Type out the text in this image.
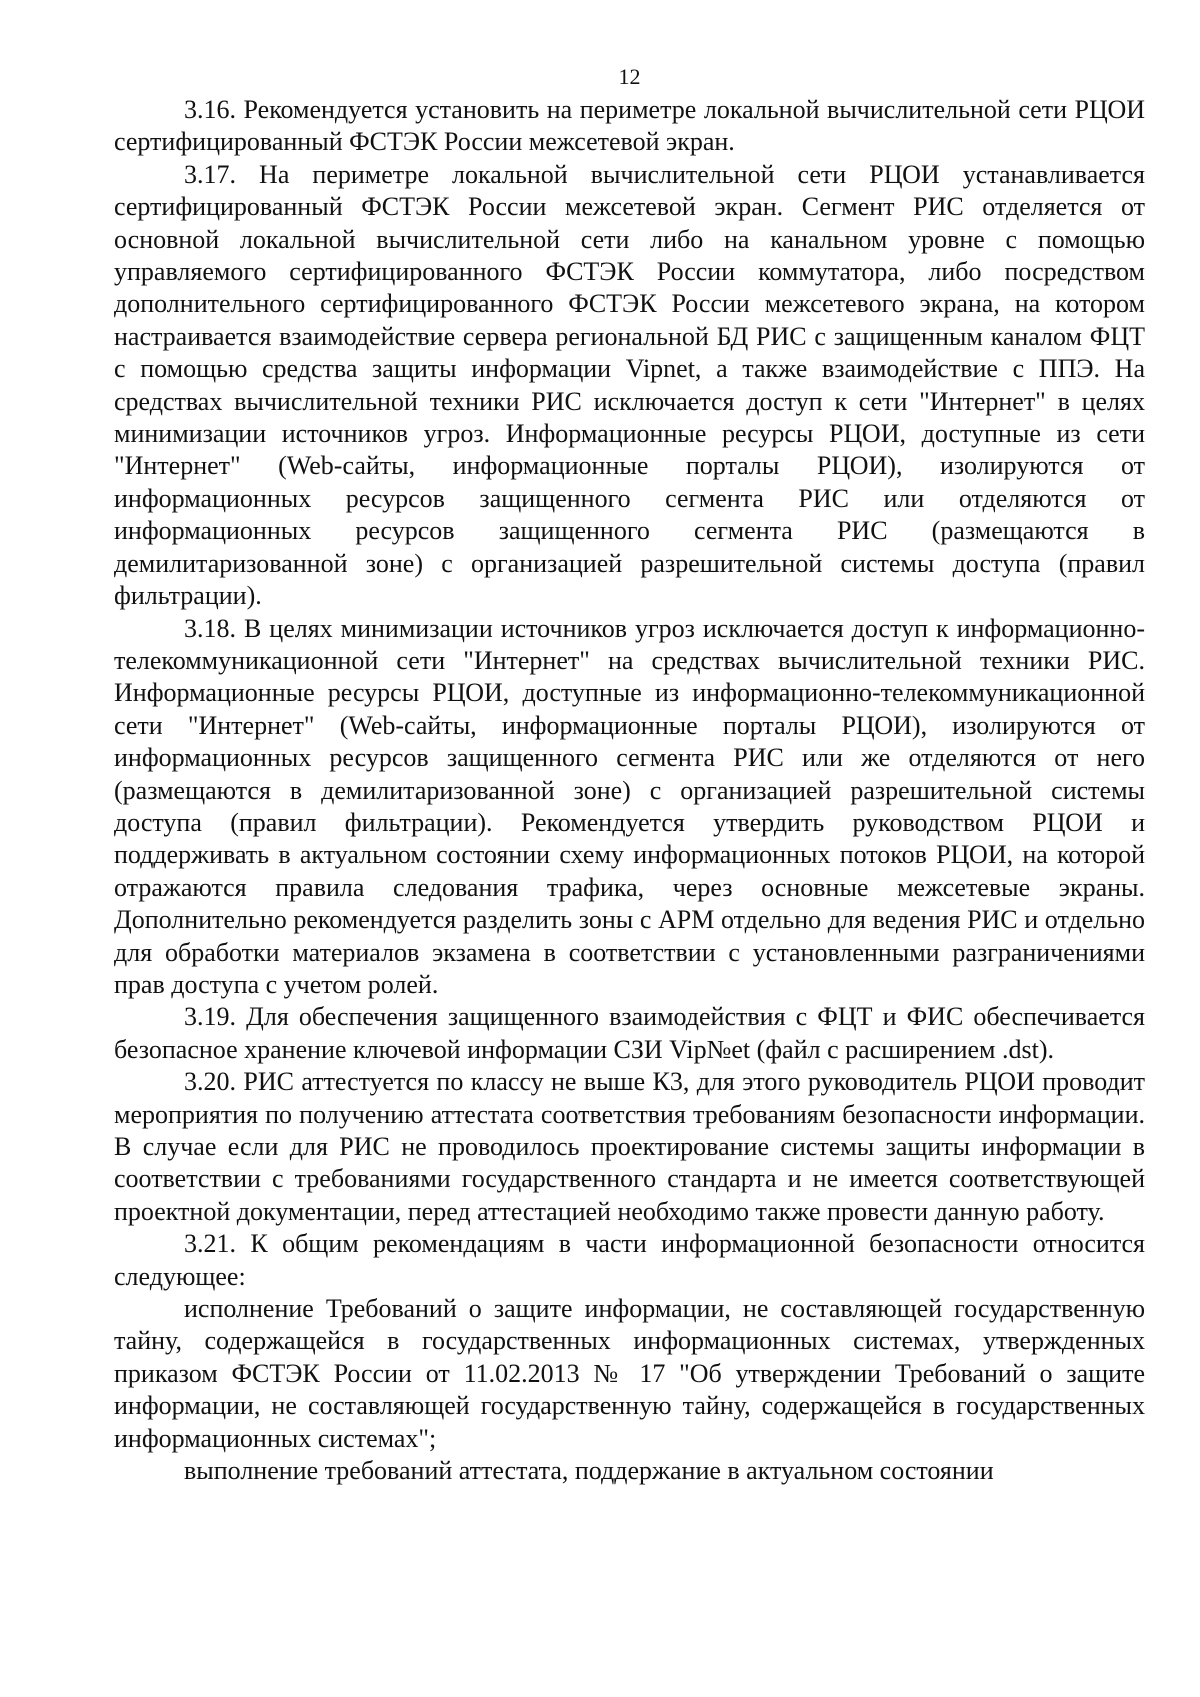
12

3.16. Рекомендуется установить на периметре локальной вычислительной сети РЦОИ сертифицированный ФСТЭК России межсетевой экран.

3.17. На периметре локальной вычислительной сети РЦОИ устанавливается сертифицированный ФСТЭК России межсетевой экран. Сегмент РИС отделяется от основной локальной вычислительной сети либо на канальном уровне с помощью управляемого сертифицированного ФСТЭК России коммутатора, либо посредством дополнительного сертифицированного ФСТЭК России межсетевого экрана, на котором настраивается взаимодействие сервера региональной БД РИС с защищенным каналом ФЦТ с помощью средства защиты информации Vipnet, а также взаимодействие с ППЭ. На средствах вычислительной техники РИС исключается доступ к сети "Интернет" в целях минимизации источников угроз. Информационные ресурсы РЦОИ, доступные из сети "Интернет" (Web-сайты, информационные порталы РЦОИ), изолируются от информационных ресурсов защищенного сегмента РИС или отделяются от информационных ресурсов защищенного сегмента РИС (размещаются в демилитаризованной зоне) с организацией разрешительной системы доступа (правил фильтрации).

3.18. В целях минимизации источников угроз исключается доступ к информационно-телекоммуникационной сети "Интернет" на средствах вычислительной техники РИС. Информационные ресурсы РЦОИ, доступные из информационно-телекоммуникационной сети "Интернет" (Web-сайты, информационные порталы РЦОИ), изолируются от информационных ресурсов защищенного сегмента РИС или же отделяются от него (размещаются в демилитаризованной зоне) с организацией разрешительной системы доступа (правил фильтрации). Рекомендуется утвердить руководством РЦОИ и поддерживать в актуальном состоянии схему информационных потоков РЦОИ, на которой отражаются правила следования трафика, через основные межсетевые экраны. Дополнительно рекомендуется разделить зоны с АРМ отдельно для ведения РИС и отдельно для обработки материалов экзамена в соответствии с установленными разграничениями прав доступа с учетом ролей.

3.19. Для обеспечения защищенного взаимодействия с ФЦТ и ФИС обеспечивается безопасное хранение ключевой информации СЗИ Vip№et (файл с расширением .dst).

3.20. РИС аттестуется по классу не выше К3, для этого руководитель РЦОИ проводит мероприятия по получению аттестата соответствия требованиям безопасности информации. В случае если для РИС не проводилось проектирование системы защиты информации в соответствии с требованиями государственного стандарта и не имеется соответствующей проектной документации, перед аттестацией необходимо также провести данную работу.

3.21. К общим рекомендациям в части информационной безопасности относится следующее:

исполнение Требований о защите информации, не составляющей государственную тайну, содержащейся в государственных информационных системах, утвержденных приказом ФСТЭК России от 11.02.2013 № 17 "Об утверждении Требований о защите информации, не составляющей государственную тайну, содержащейся в государственных информационных системах";

выполнение требований аттестата, поддержание в актуальном состоянии
